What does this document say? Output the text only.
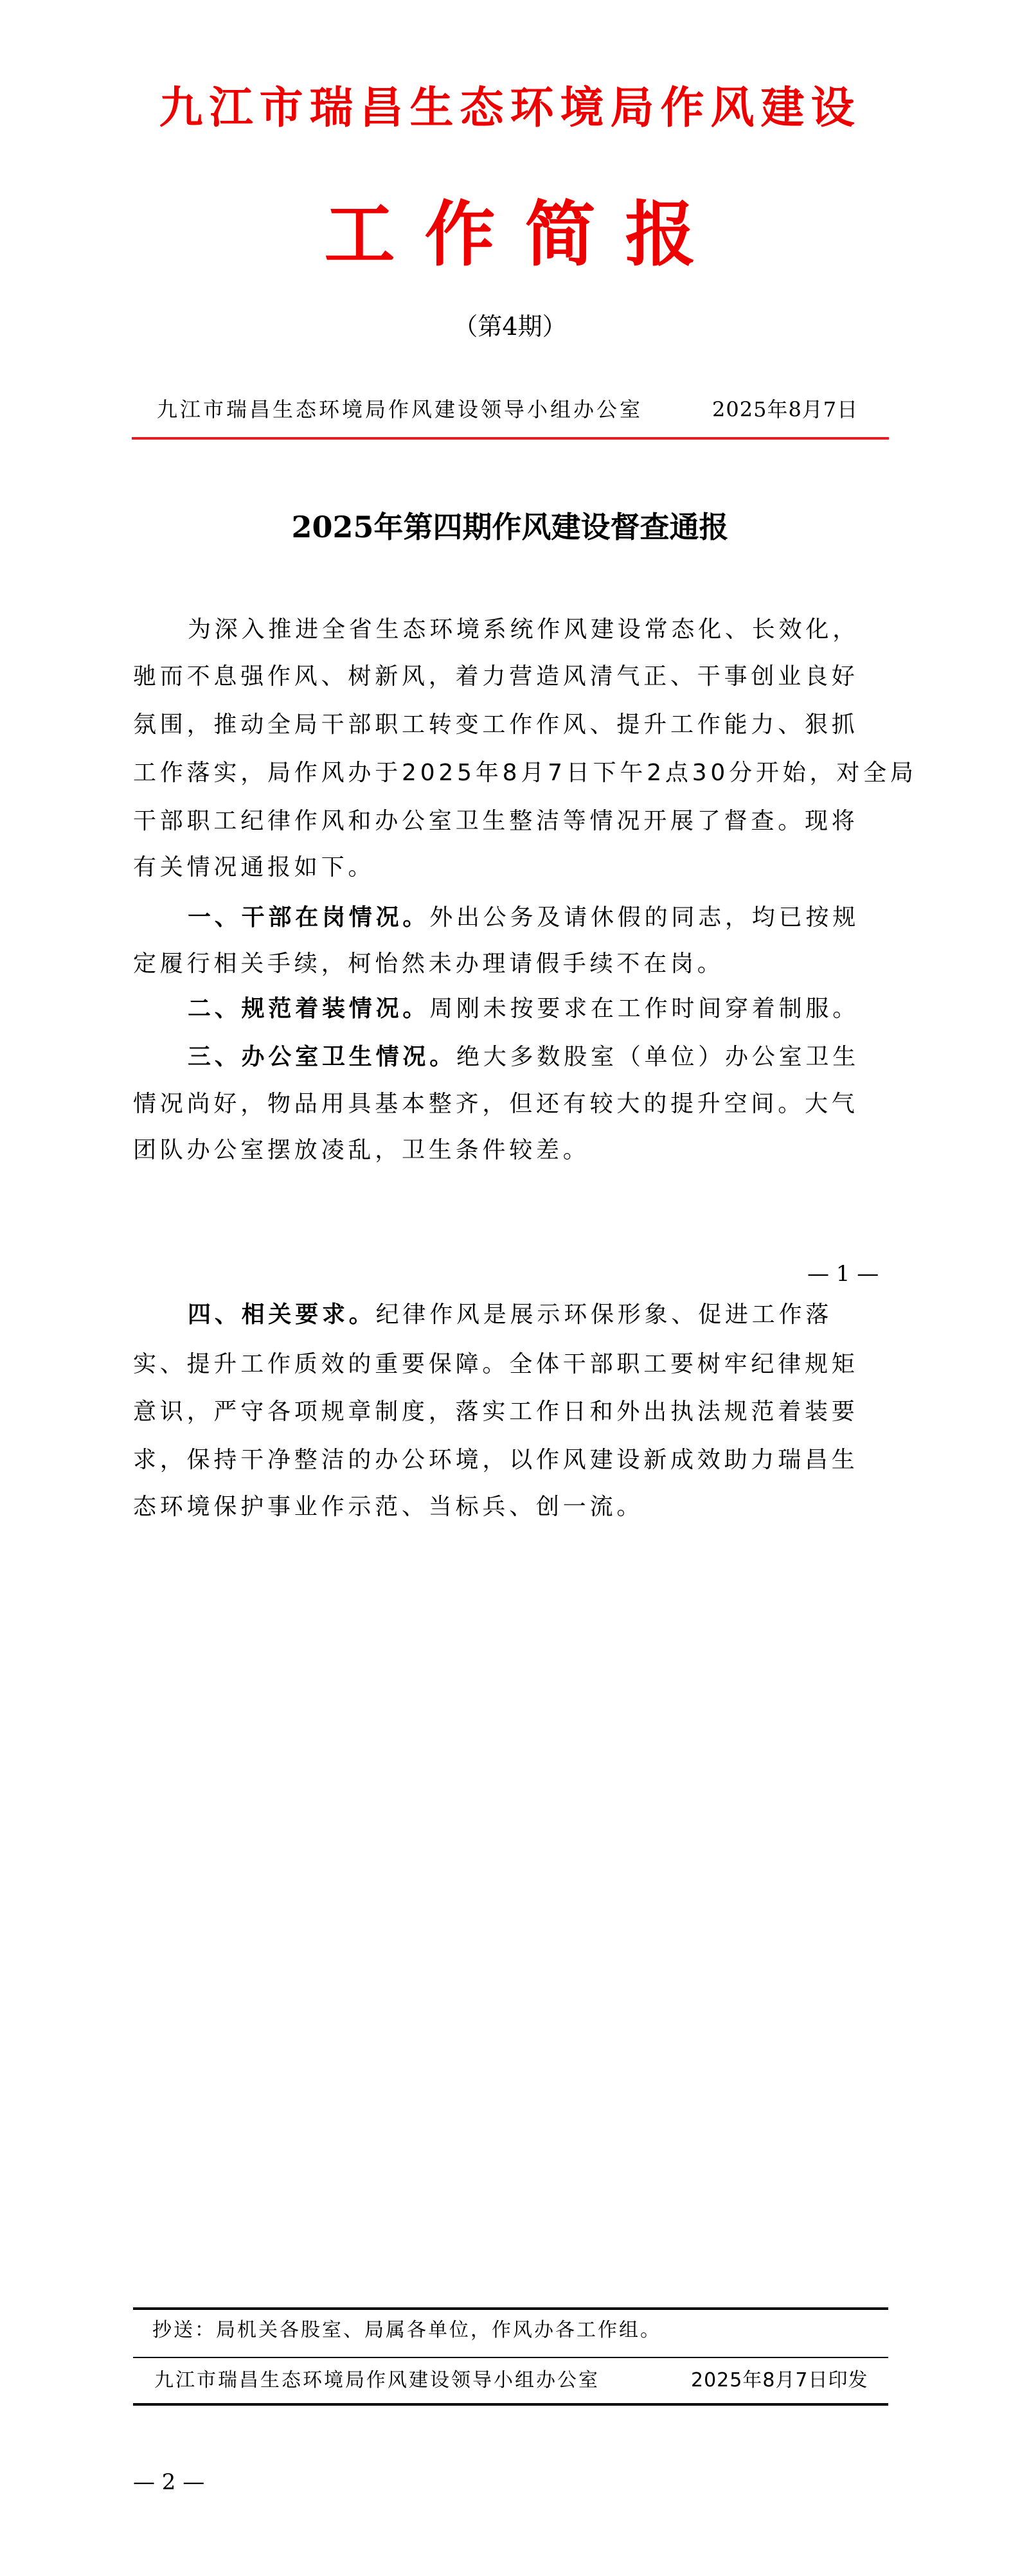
九江市瑞昌生态环境局作风建设
工作简报
（第4期）
九江市瑞昌生态环境局作风建设领导小组办公室	2025年8月7日
2025年第四期作风建设督查通报
为深入推进全省生态环境系统作风建设常态化、长效化，
驰而不息强作风、树新风，着力营造风清气正、干事创业良好
氛围，推动全局干部职工转变工作作风、提升工作能力、狠抓
工作落实，局作风办于2025年8月7日下午2点30分开始，对全局
干部职工纪律作风和办公室卫生整洁等情况开展了督查。现将
有关情况通报如下。
一、干部在岗情况。外出公务及请休假的同志，均已按规
定履行相关手续，柯怡然未办理请假手续不在岗。
二、规范着装情况。周刚未按要求在工作时间穿着制服。
三、办公室卫生情况。绝大多数股室（单位）办公室卫生
情况尚好，物品用具基本整齐，但还有较大的提升空间。大气
团队办公室摆放凌乱，卫生条件较差。
— 1 —
四、相关要求。纪律作风是展示环保形象、促进工作落
实、提升工作质效的重要保障。全体干部职工要树牢纪律规矩
意识，严守各项规章制度，落实工作日和外出执法规范着装要
求，保持干净整洁的办公环境，以作风建设新成效助力瑞昌生
态环境保护事业作示范、当标兵、创一流。
抄送：局机关各股室、局属各单位，作风办各工作组。
九江市瑞昌生态环境局作风建设领导小组办公室	2025年8月7日印发
— 2 —
